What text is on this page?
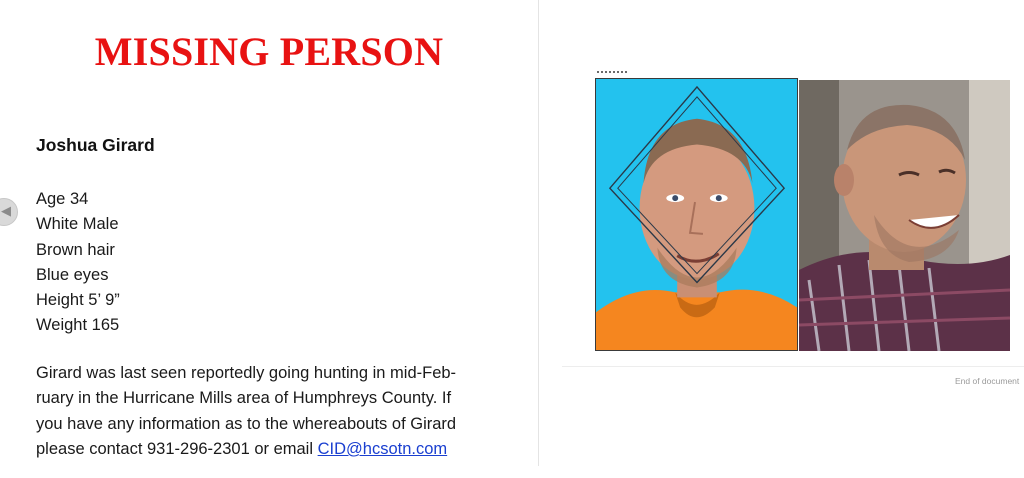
MISSING PERSON
Joshua Girard
Age 34
White Male
Brown hair
Blue eyes
Height 5’ 9”
Weight 165
Girard was last seen reportedly going hunting in mid-Feb-
ruary in the Hurricane Mills area of Humphreys County. If
you have any information as to the whereabouts of Girard
please contact 931-296-2301 or email CID@hcsotn.com
◀
End of document
